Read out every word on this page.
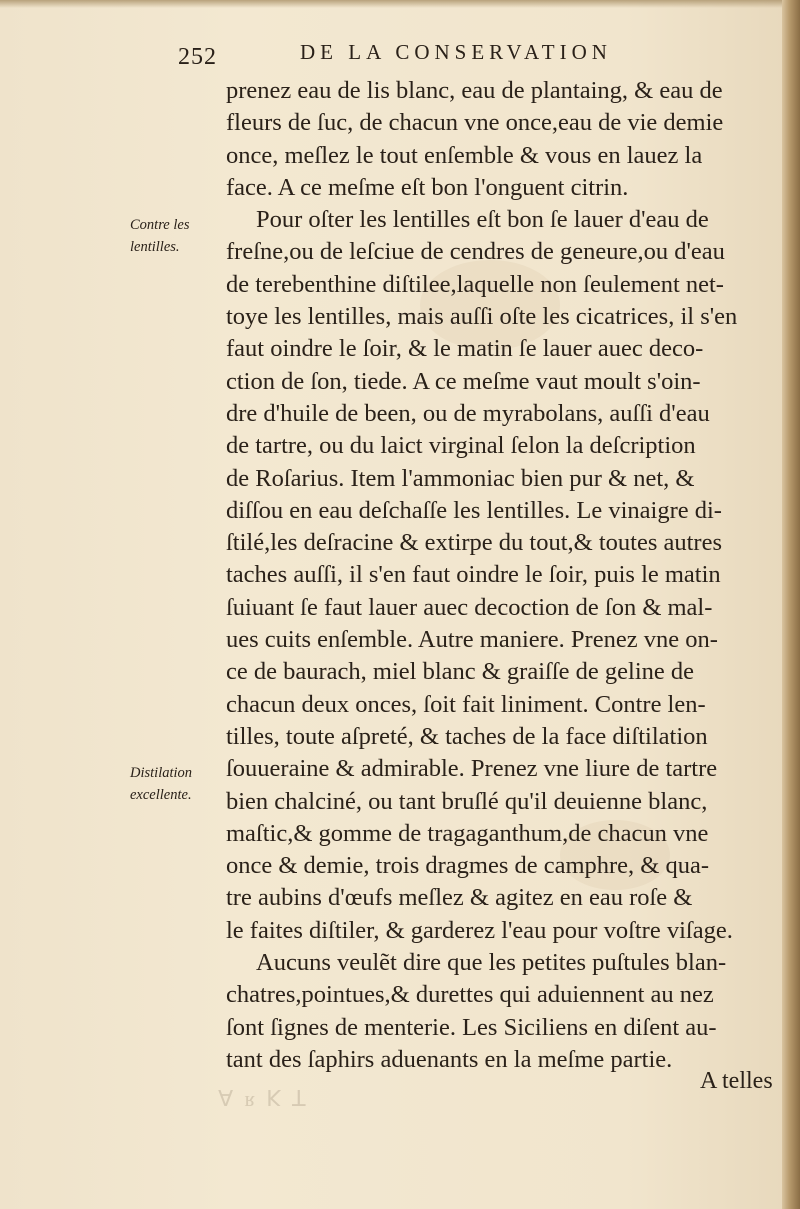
252	DE LA CONSERVATION
Contre les lentilles.
Distilation excellente.
prenez eau de lis blanc, eau de plantaing, & eau de
fleurs de ſuc, de chacun vne once,eau de vie demie
once, meſlez le tout enſemble & vous en lauez la
face. A ce meſme eſt bon l'onguent citrin.
Pour oſter les lentilles eſt bon ſe lauer d'eau de
freſne,ou de leſciue de cendres de geneure,ou d'eau
de terebenthine diſtilee,laquelle non ſeulement net-
toye les lentilles, mais auſſi oſte les cicatrices, il s'en
faut oindre le ſoir, & le matin ſe lauer auec deco-
ction de ſon, tiede. A ce meſme vaut moult s'oin-
dre d'huile de been, ou de myrabolans, auſſi d'eau
de tartre, ou du laict virginal ſelon la deſcription
de Roſarius. Item l'ammoniac bien pur & net, &
diſſou en eau deſchaſſe les lentilles. Le vinaigre di-
ſtilé,les deſracine & extirpe du tout,& toutes autres
taches auſſi, il s'en faut oindre le ſoir, puis le matin
ſuiuant ſe faut lauer auec decoction de ſon & mal-
ues cuits enſemble. Autre maniere. Prenez vne on-
ce de baurach, miel blanc & graiſſe de geline de
chacun deux onces, ſoit fait liniment. Contre len-
tilles, toute aſpreté, & taches de la face diſtilation
ſouueraine & admirable. Prenez vne liure de tartre
bien chalciné, ou tant bruſlé qu'il deuienne blanc,
maſtic,& gomme de tragaganthum,de chacun vne
once & demie, trois dragmes de camphre, & qua-
tre aubins d'œufs meſlez & agitez en eau roſe &
le faites diſtiler, & garderez l'eau pour voſtre viſage.
Aucuns veulẽt dire que les petites puſtules blan-
chatres,pointues,& durettes qui aduiennent au nez
ſont ſignes de menterie. Les Siciliens en diſent au-
tant des ſaphirs aduenants en la meſme partie.
A telles
ꓕ ꓘ ᴚ ∀
